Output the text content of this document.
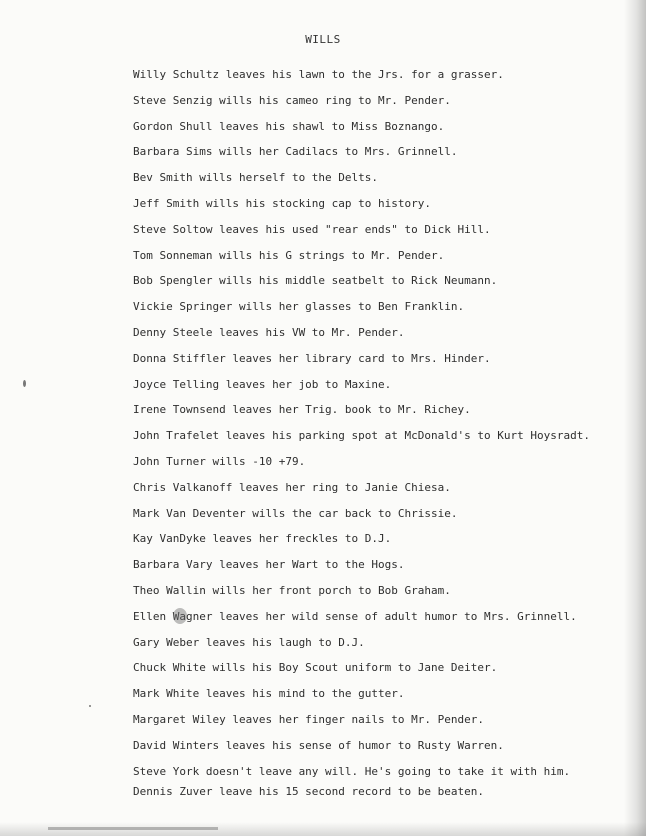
WILLS
Willy Schultz leaves his lawn to the Jrs. for a grasser.
Steve Senzig wills his cameo ring to Mr. Pender.
Gordon Shull leaves his shawl to Miss Boznango.
Barbara Sims wills her Cadilacs to Mrs. Grinnell.
Bev Smith wills herself to the Delts.
Jeff Smith wills his stocking cap to history.
Steve Soltow leaves his used "rear ends" to Dick Hill.
Tom Sonneman wills his G strings to Mr. Pender.
Bob Spengler wills his middle seatbelt to Rick Neumann.
Vickie Springer wills her glasses to Ben Franklin.
Denny Steele leaves his VW to Mr. Pender.
Donna Stiffler leaves her library card to Mrs. Hinder.
Joyce Telling leaves her job to Maxine.
Irene Townsend leaves her Trig. book to Mr. Richey.
John Trafelet leaves his parking spot at McDonald's to Kurt Hoysradt.
John Turner wills -10 +79.
Chris Valkanoff leaves her ring to Janie Chiesa.
Mark Van Deventer wills the car back to Chrissie.
Kay VanDyke leaves her freckles to D.J.
Barbara Vary leaves her Wart to the Hogs.
Theo Wallin wills her front porch to Bob Graham.
Ellen Wagner leaves her wild sense of adult humor to Mrs. Grinnell.
Gary Weber leaves his laugh to D.J.
Chuck White wills his Boy Scout uniform to Jane Deiter.
Mark White leaves his mind to the gutter.
Margaret Wiley leaves her finger nails to Mr. Pender.
David Winters leaves his sense of humor to Rusty Warren.
Steve York doesn't leave any will. He's going to take it with him.
Dennis Zuver leave his 15 second record to be beaten.
